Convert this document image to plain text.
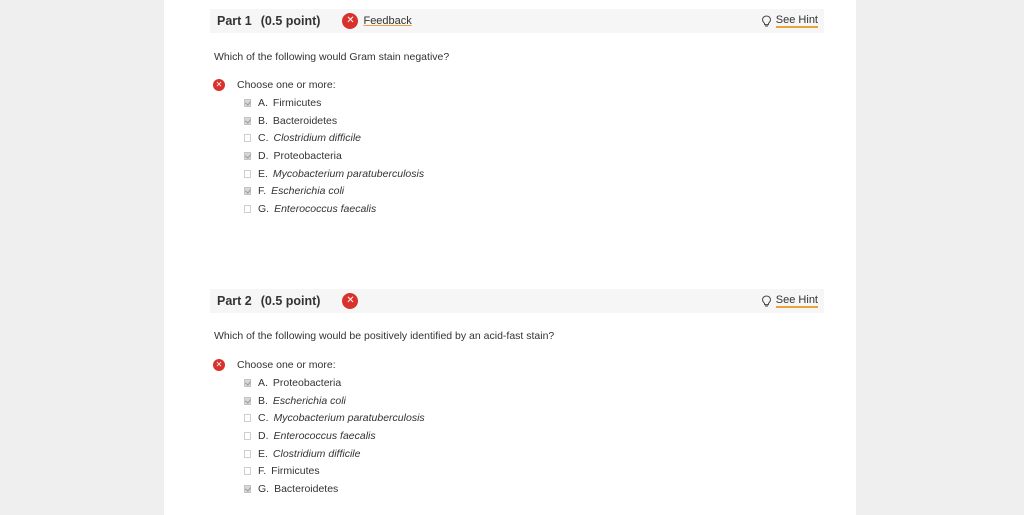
Part 1 (0.5 point)	✕ Feedback	See Hint
Which of the following would Gram stain negative?
✕ Choose one or more:
A. Firmicutes
B. Bacteroidetes
C. Clostridium difficile
D. Proteobacteria
E. Mycobacterium paratuberculosis
F. Escherichia coli
G. Enterococcus faecalis
Part 2 (0.5 point)	✕	See Hint
Which of the following would be positively identified by an acid-fast stain?
✕ Choose one or more:
A. Proteobacteria
B. Escherichia coli
C. Mycobacterium paratuberculosis
D. Enterococcus faecalis
E. Clostridium difficile
F. Firmicutes
G. Bacteroidetes
